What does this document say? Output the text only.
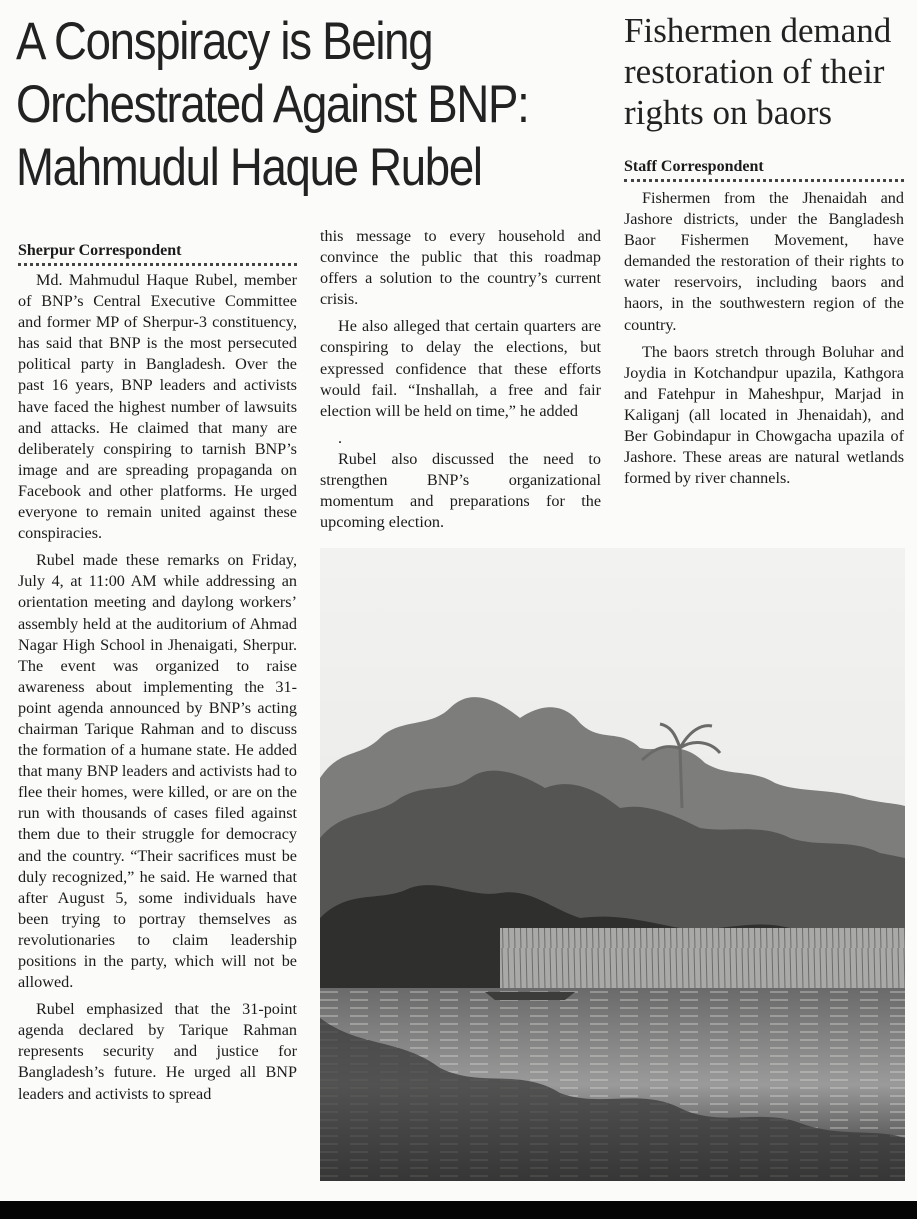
A Conspiracy is Being
Orchestrated Against BNP:
Mahmudul Haque Rubel
Fishermen demand
restoration of their
rights on baors
Sherpur Correspondent

Md. Mahmudul Haque Rubel, member of BNP’s Central Executive Committee and former MP of Sherpur-3 constituency, has said that BNP is the most persecuted political party in Bangladesh. Over the past 16 years, BNP leaders and activists have faced the highest number of lawsuits and attacks. He claimed that many are deliberately conspiring to tarnish BNP’s image and are spreading propaganda on Facebook and other platforms. He urged everyone to remain united against these conspiracies.

Rubel made these remarks on Friday, July 4, at 11:00 AM while addressing an orientation meeting and daylong workers’ assembly held at the auditorium of Ahmad Nagar High School in Jhenaigati, Sherpur. The event was organized to raise awareness about implementing the 31-point agenda announced by BNP’s acting chairman Tarique Rahman and to discuss the formation of a humane state. He added that many BNP leaders and activists had to flee their homes, were killed, or are on the run with thousands of cases filed against them due to their struggle for democracy and the country. “Their sacrifices must be duly recognized,” he said. He warned that after August 5, some individuals have been trying to portray themselves as revolutionaries to claim leadership positions in the party, which will not be allowed.

Rubel emphasized that the 31-point agenda declared by Tarique Rahman represents security and justice for Bangladesh’s future. He urged all BNP leaders and activists to spread

this message to every household and convince the public that this roadmap offers a solution to the country’s current crisis.

He also alleged that certain quarters are conspiring to delay the elections, but expressed confidence that these efforts would fail. “Inshallah, a free and fair election will be held on time,” he added

.

Rubel also discussed the need to strengthen BNP’s organizational momentum and preparations for the upcoming election.

Staff Correspondent

Fishermen from the Jhenaidah and Jashore districts, under the Bangladesh Baor Fishermen Movement, have demanded the restoration of their rights to water reservoirs, including baors and haors, in the southwestern region of the country.

The baors stretch through Boluhar and Joydia in Kotchandpur upazila, Kathgora and Fatehpur in Maheshpur, Marjad in Kaliganj (all located in Jhenaidah), and Ber Gobindapur in Chowgacha upazila of Jashore. These areas are natural wetlands formed by river channels.
